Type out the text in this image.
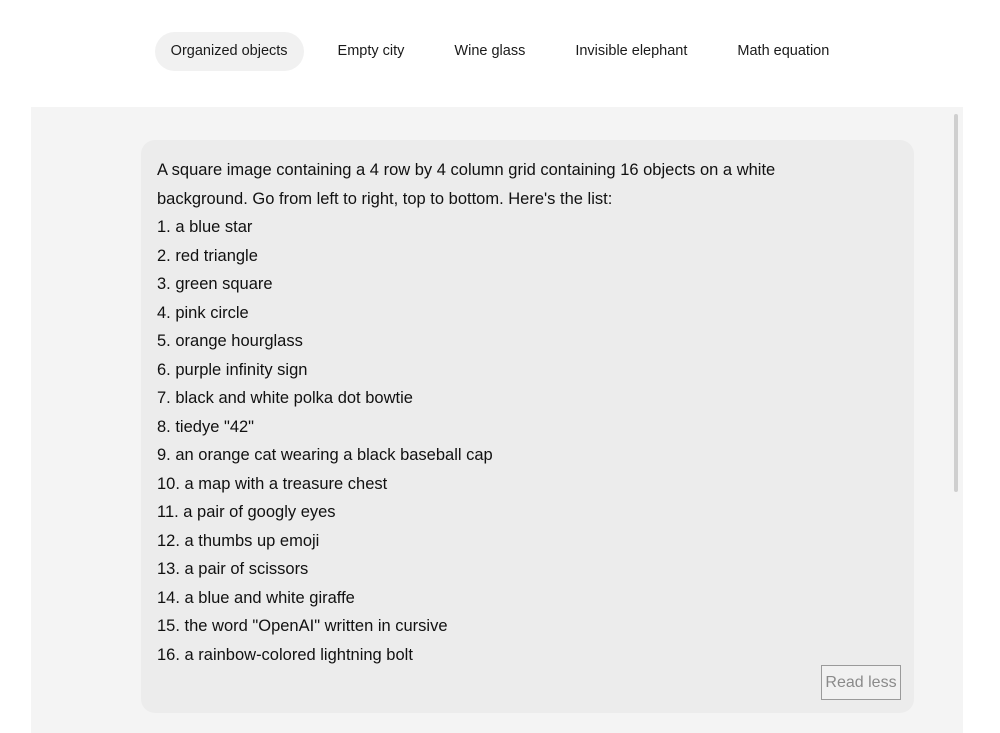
Organized objects	Empty city	Wine glass	Invisible elephant	Math equation

A square image containing a 4 row by 4 column grid containing 16 objects on a white background. Go from left to right, top to bottom. Here's the list:

1. a blue star
2. red triangle
3. green square
4. pink circle
5. orange hourglass
6. purple infinity sign
7. black and white polka dot bowtie
8. tiedye "42"
9. an orange cat wearing a black baseball cap
10. a map with a treasure chest
11. a pair of googly eyes
12. a thumbs up emoji
13. a pair of scissors
14. a blue and white giraffe
15. the word "OpenAI" written in cursive
16. a rainbow-colored lightning bolt
Read less
